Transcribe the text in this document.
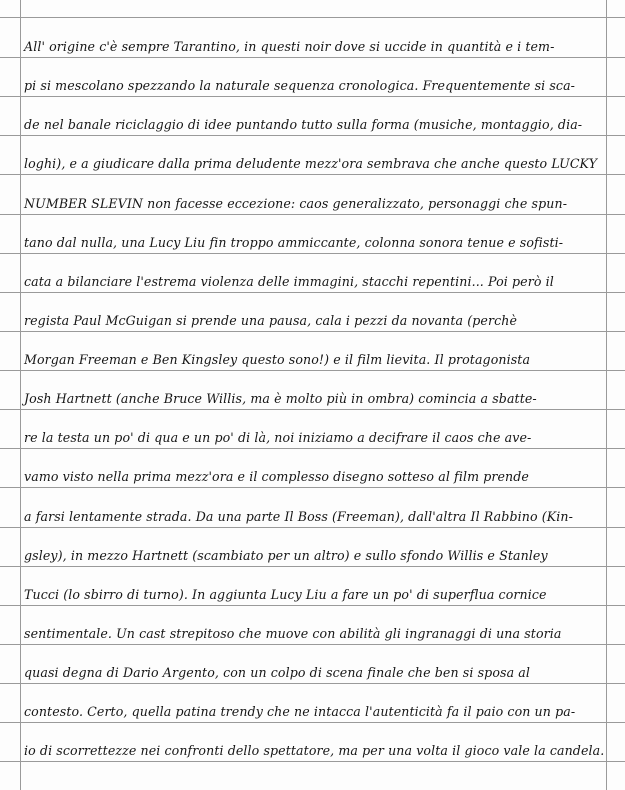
All' origine c'è sempre Tarantino, in questi noir dove si uccide in quantità e i tem-
pi si mescolano spezzando la naturale sequenza cronologica. Frequentemente si sca-
de nel banale riciclaggio di idee puntando tutto sulla forma (musiche, montaggio, dia-
loghi), e a giudicare dalla prima deludente mezz'ora sembrava che anche questo LUCKY
NUMBER SLEVIN non facesse eccezione: caos generalizzato, personaggi che spun-
tano dal nulla, una Lucy Liu fin troppo ammiccante, colonna sonora tenue e sofisti-
cata a bilanciare l'estrema violenza delle immagini, stacchi repentini... Poi però il
regista Paul McGuigan si prende una pausa, cala i pezzi da novanta (perchè
Morgan Freeman e Ben Kingsley questo sono!) e il film lievita. Il protagonista
Josh Hartnett (anche Bruce Willis, ma è molto più in ombra) comincia a sbatte-
re la testa un po' di qua e un po' di là, noi iniziamo a decifrare il caos che ave-
vamo visto nella prima mezz'ora e il complesso disegno sotteso al film prende
a farsi lentamente strada. Da una parte Il Boss (Freeman), dall'altra Il Rabbino (Kin-
gsley), in mezzo Hartnett (scambiato per un altro) e sullo sfondo Willis e Stanley
Tucci (lo sbirro di turno). In aggiunta Lucy Liu a fare un po' di superflua cornice
sentimentale. Un cast strepitoso che muove con abilità gli ingranaggi di una storia
quasi degna di Dario Argento, con un colpo di scena finale che ben si sposa al
contesto. Certo, quella patina trendy che ne intacca l'autenticità fa il paio con un pa-
io di scorrettezze nei confronti dello spettatore, ma per una volta il gioco vale la candela.
